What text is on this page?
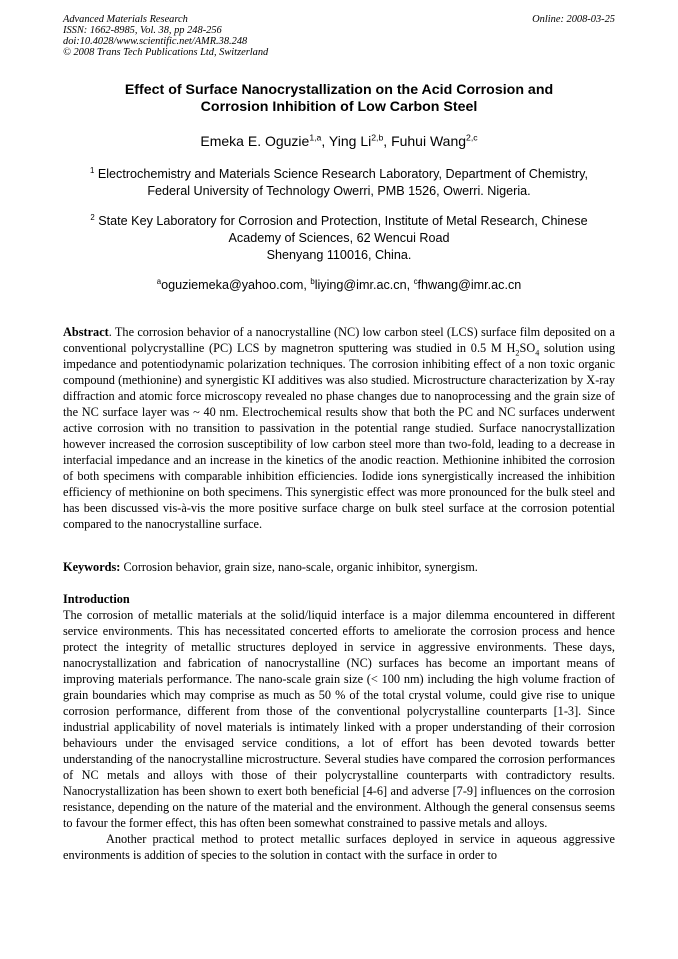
Advanced Materials Research
ISSN: 1662-8985, Vol. 38, pp 248-256
doi:10.4028/www.scientific.net/AMR.38.248
© 2008 Trans Tech Publications Ltd, Switzerland
Online: 2008-03-25
Effect of Surface Nanocrystallization on the Acid Corrosion and
Corrosion Inhibition of Low Carbon Steel
Emeka E. Oguzie$^{1,a}$, Ying Li$^{2,b}$, Fuhui Wang$^{2,c}$
$^1$ Electrochemistry and Materials Science Research Laboratory, Department of Chemistry,
Federal University of Technology Owerri, PMB 1526, Owerri. Nigeria.
$^2$ State Key Laboratory for Corrosion and Protection, Institute of Metal Research, Chinese
Academy of Sciences, 62 Wencui Road
Shenyang 110016, China.
$^a$oguziemeka@yahoo.com, $^b$liying@imr.ac.cn, $^c$fhwang@imr.ac.cn
Abstract. The corrosion behavior of a nanocrystalline (NC) low carbon steel (LCS) surface film deposited on a conventional polycrystalline (PC) LCS by magnetron sputtering was studied in 0.5 M $H_2SO_4$ solution using impedance and potentiodynamic polarization techniques. The corrosion inhibiting effect of a non toxic organic compound (methionine) and synergistic KI additives was also studied. Microstructure characterization by X-ray diffraction and atomic force microscopy revealed no phase changes due to nanoprocessing and the grain size of the NC surface layer was ~ 40 nm. Electrochemical results show that both the PC and NC surfaces underwent active corrosion with no transition to passivation in the potential range studied. Surface nanocrystallization however increased the corrosion susceptibility of low carbon steel more than two-fold, leading to a decrease in interfacial impedance and an increase in the kinetics of the anodic reaction. Methionine inhibited the corrosion of both specimens with comparable inhibition efficiencies. Iodide ions synergistically increased the inhibition efficiency of methionine on both specimens. This synergistic effect was more pronounced for the bulk steel and has been discussed vis-à-vis the more positive surface charge on bulk steel surface at the corrosion potential compared to the nanocrystalline surface.
Keywords: Corrosion behavior, grain size, nano-scale, organic inhibitor, synergism.
Introduction

The corrosion of metallic materials at the solid/liquid interface is a major dilemma encountered in different service environments. This has necessitated concerted efforts to ameliorate the corrosion process and hence protect the integrity of metallic structures deployed in service in aggressive environments. These days, nanocrystallization and fabrication of nanocrystalline (NC) surfaces has become an important means of improving materials performance. The nano-scale grain size (< 100 nm) including the high volume fraction of grain boundaries which may comprise as much as 50 % of the total crystal volume, could give rise to unique corrosion performance, different from those of the conventional polycrystalline counterparts [1-3]. Since industrial applicability of novel materials is intimately linked with a proper understanding of their corrosion behaviours under the envisaged service conditions, a lot of effort has been devoted towards better understanding of the nanocrystalline microstructure. Several studies have compared the corrosion performances of NC metals and alloys with those of their polycrystalline counterparts with contradictory results. Nanocrystallization has been shown to exert both beneficial [4-6] and adverse [7-9] influences on the corrosion resistance, depending on the nature of the material and the environment. Although the general consensus seems to favour the former effect, this has often been somewhat constrained to passive metals and alloys.

Another practical method to protect metallic surfaces deployed in service in aqueous aggressive environments is addition of species to the solution in contact with the surface in order to
